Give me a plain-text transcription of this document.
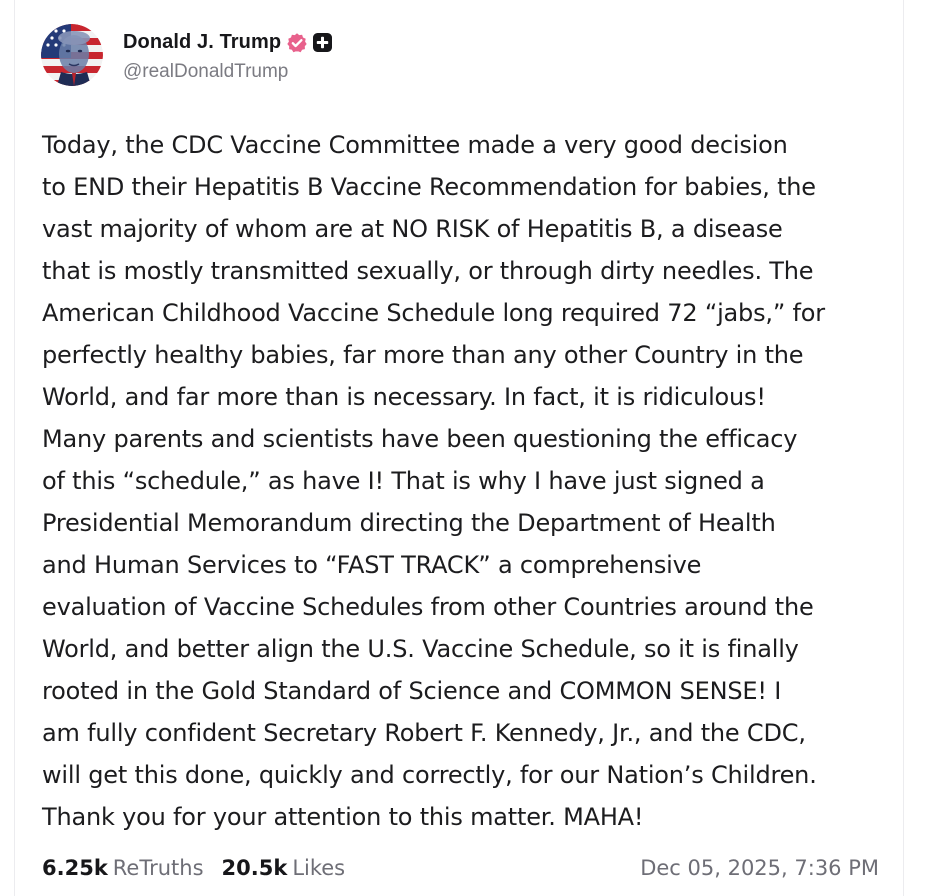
Donald J. Trump
@realDonaldTrump

Today, the CDC Vaccine Committee made a very good decision
to END their Hepatitis B Vaccine Recommendation for babies, the
vast majority of whom are at NO RISK of Hepatitis B, a disease
that is mostly transmitted sexually, or through dirty needles. The
American Childhood Vaccine Schedule long required 72 “jabs,” for
perfectly healthy babies, far more than any other Country in the
World, and far more than is necessary. In fact, it is ridiculous!
Many parents and scientists have been questioning the efficacy
of this “schedule,” as have I! That is why I have just signed a
Presidential Memorandum directing the Department of Health
and Human Services to “FAST TRACK” a comprehensive
evaluation of Vaccine Schedules from other Countries around the
World, and better align the U.S. Vaccine Schedule, so it is finally
rooted in the Gold Standard of Science and COMMON SENSE! I
am fully confident Secretary Robert F. Kennedy, Jr., and the CDC,
will get this done, quickly and correctly, for our Nation’s Children.
Thank you for your attention to this matter. MAHA!

6.25k ReTruths 20.5k Likes	Dec 05, 2025, 7:36 PM
